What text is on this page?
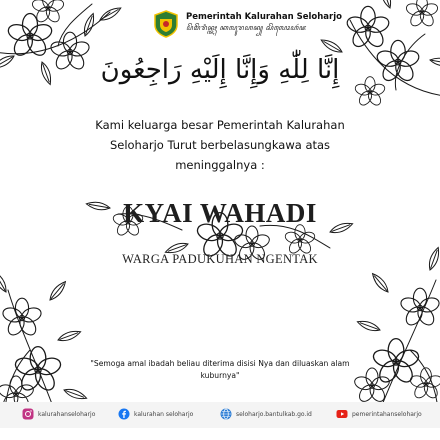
Pemerintah Kalurahan Seloharjo
ꦥꦼꦩꦼꦫꦶꦤ꧀ꦠꦃ ꦏꦭꦸꦫꦲꦤ꧀ ꦱꦼꦭꦺꦴꦲꦂꦗ
إِنَّا لِلّٰهِ وَإِنَّا إِلَيْهِ رَاجِعُونَ
Kami keluarga besar Pemerintah Kalurahan Seloharjo Turut berbelasungkawa atas meninggalnya :
KYAI WAHADI
WARGA PADUKUHAN NGENTAK
"Semoga amal ibadah beliau diterima disisi Nya dan diluaskan alam kuburnya"
kalurahanseloharjo	kalurahan seloharjo	seloharjo.bantulkab.go.id	pemerintahanseloharjo
